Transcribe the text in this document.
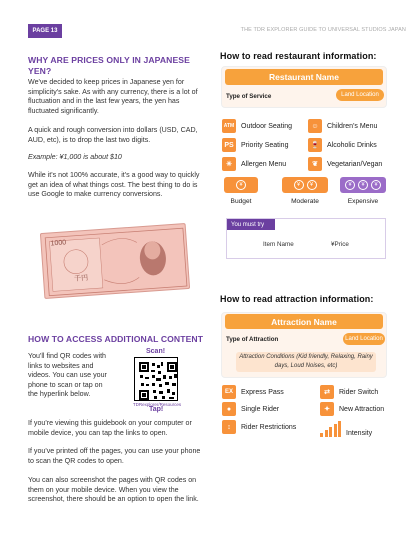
PAGE 13	THE TDR EXPLORER GUIDE TO UNIVERSAL STUDIOS JAPAN
WHY ARE PRICES ONLY IN JAPANESE YEN?
We've decided to keep prices in Japanese yen for simplicity's sake. As with any currency, there is a lot of fluctuation and in the last few years, the yen has fluctuated significantly.
A quick and rough conversion into dollars (USD, CAD, AUD, etc), is to drop the last two digits.
Example: ¥1,000 is about $10
While it's not 100% accurate, it's a good way to quickly get an idea of what things cost. The best thing to do is use Google to make currency conversions.
1000
千円
HOW TO ACCESS ADDITIONAL CONTENT
You'll find QR codes with links to websites and videos. You can use your phone to scan or tap on the hyperlink below.
Scan!
TDRexplorer/Resources
Tap!
If you're viewing this guidebook on your computer or mobile device, you can tap the links to open.
If you've printed off the pages, you can use your phone to scan the QR codes to open.
You can also screenshot the pages with QR codes on them on your mobile device. When you view the screenshot, there should be an option to open the link.
How to read restaurant information:
Restaurant Name
Type of Service	Land Location
ATM Outdoor Seating	☺	Children's Menu
PS	Priority Seating	🍷	Alcoholic Drinks
✳	Allergen Menu	❦	Vegetarian/Vegan
¥	¥	¥	¥	¥	¥
Budget	Moderate	Expensive
You must try
Item Name	¥Price
How to read attraction information:
Attraction Name
Type of Attraction	Land Location
Attraction Conditions (Kid friendly, Relaxing, Rainy days, Loud Noises, etc)
EX	Express Pass	⇄	Rider Switch
●	Single Rider	✦	New Attraction
↕	Rider Restrictions
Intensity
